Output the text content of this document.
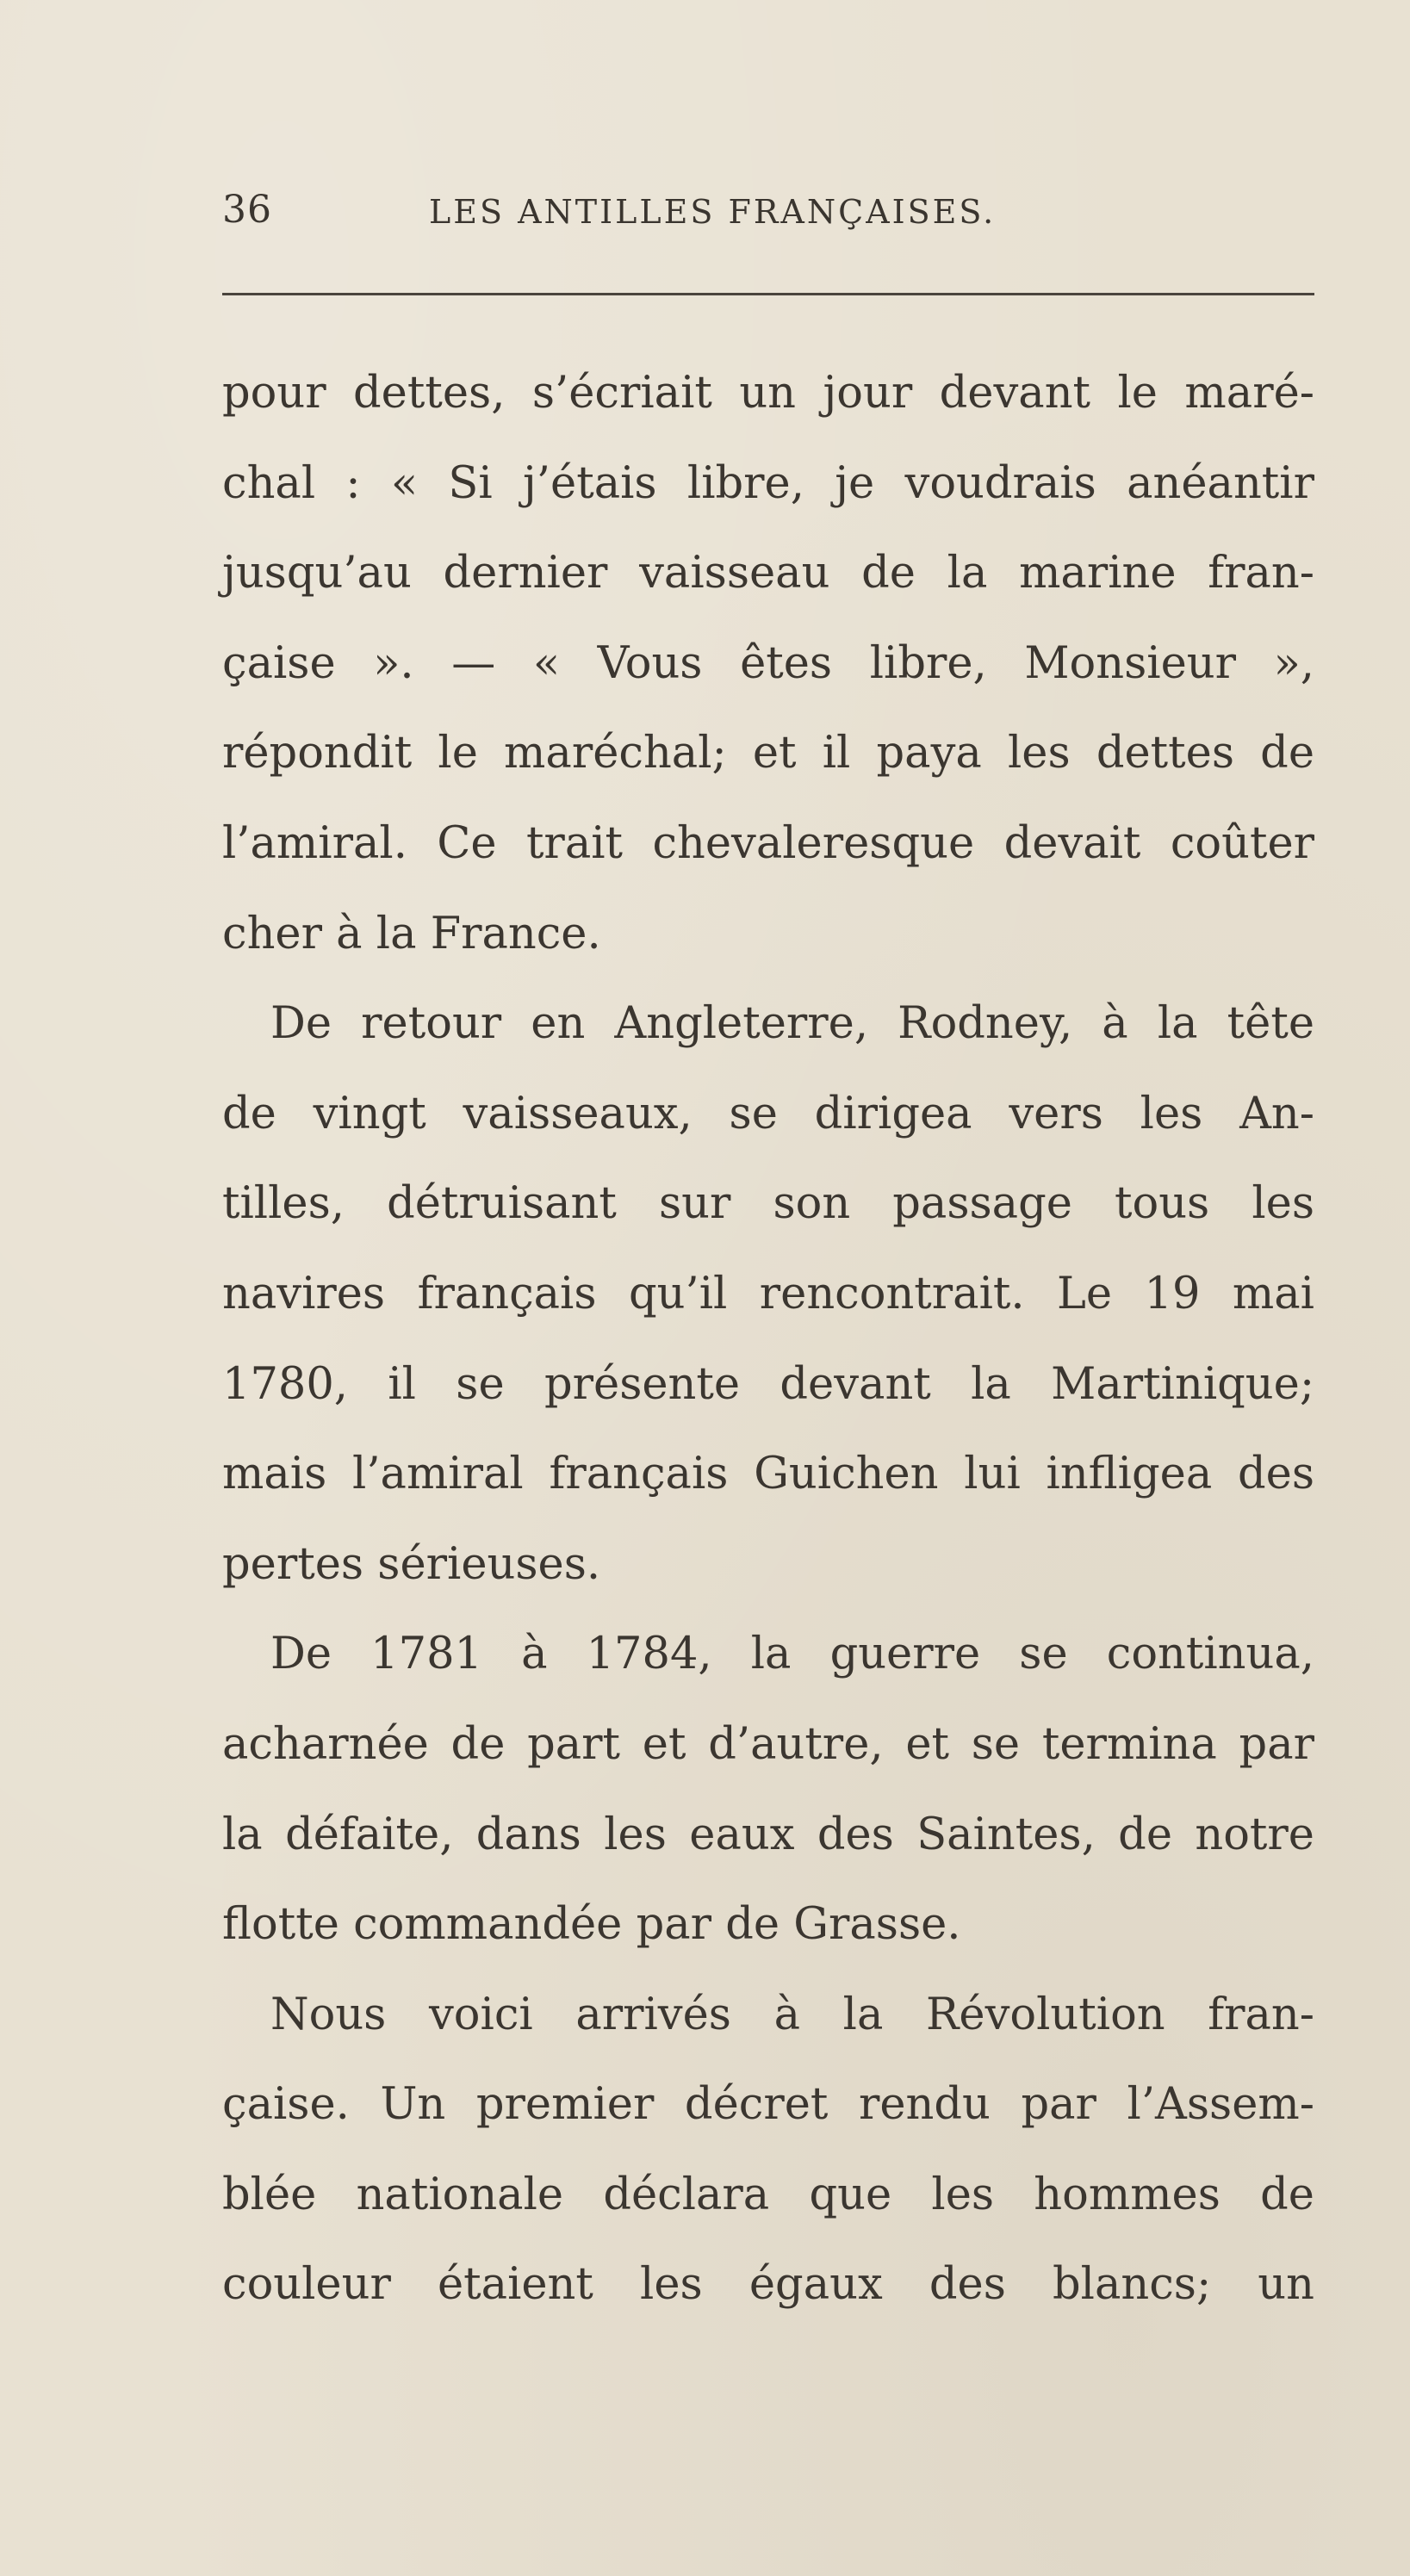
36	LES ANTILLES FRANÇAISES.
pour dettes, s’écriait un jour devant le maré-
chal : « Si j’étais libre, je voudrais anéantir
jusqu’au dernier vaisseau de la marine fran-
çaise ». — « Vous êtes libre, Monsieur »,
répondit le maréchal; et il paya les dettes de
l’amiral. Ce trait chevaleresque devait coûter
cher à la France.
De retour en Angleterre, Rodney, à la tête
de vingt vaisseaux, se dirigea vers les An-
tilles, détruisant sur son passage tous les
navires français qu’il rencontrait. Le 19 mai
1780, il se présente devant la Martinique;
mais l’amiral français Guichen lui infligea des
pertes sérieuses.
De 1781 à 1784, la guerre se continua,
acharnée de part et d’autre, et se termina par
la défaite, dans les eaux des Saintes, de notre
flotte commandée par de Grasse.
Nous voici arrivés à la Révolution fran-
çaise. Un premier décret rendu par l’Assem-
blée nationale déclara que les hommes de
couleur étaient les égaux des blancs; un
